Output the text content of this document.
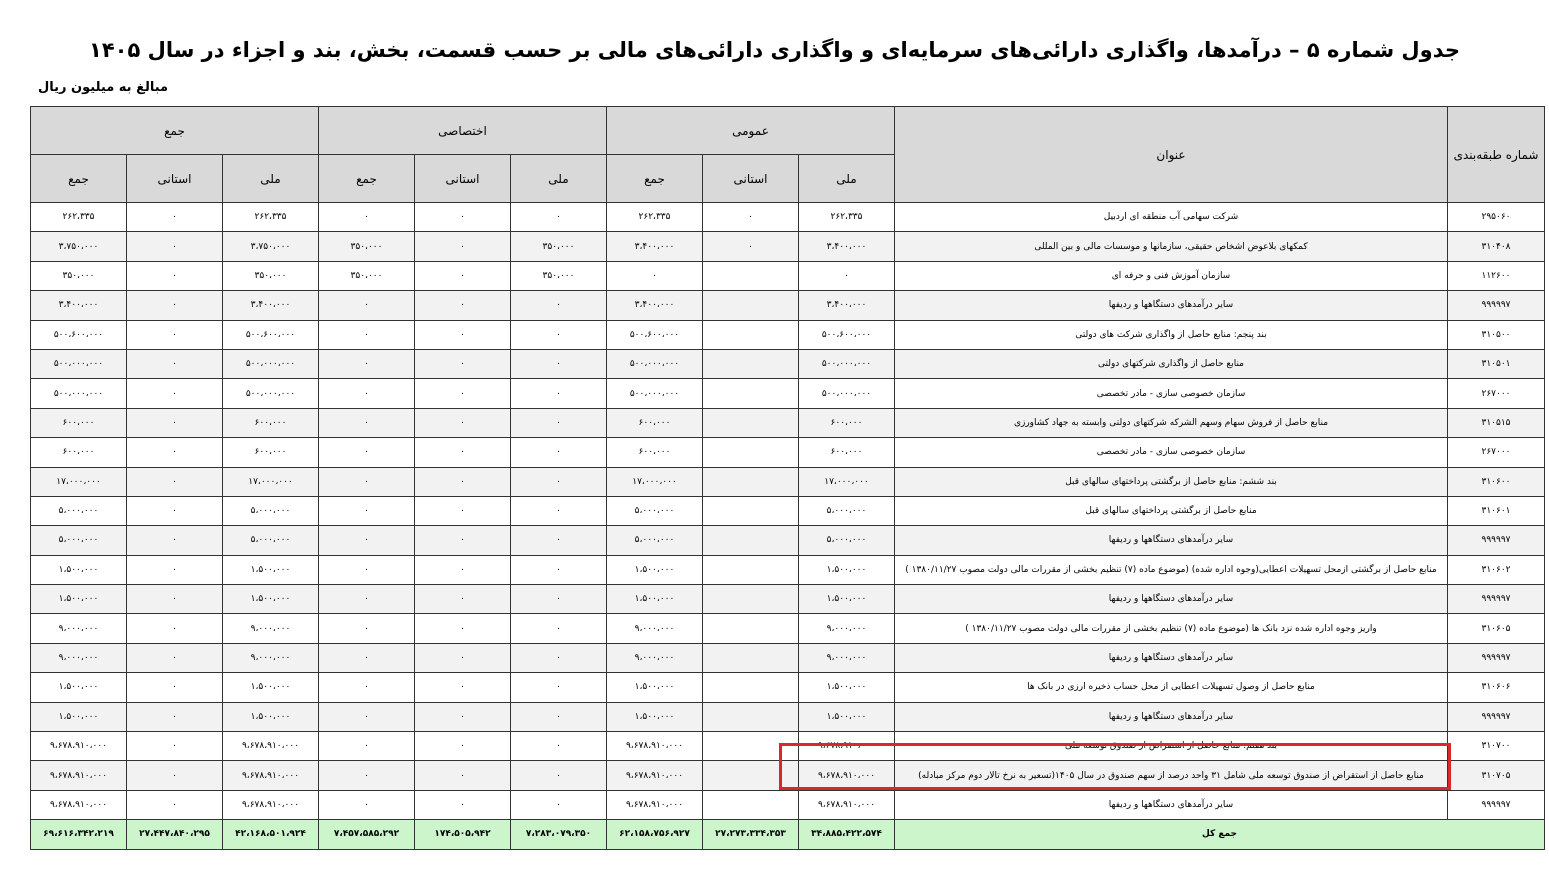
جدول شماره ۵ – درآمدها، واگذاری دارائی‌های سرمایه‌ای و واگذاری دارائی‌های مالی بر حسب قسمت، بخش، بند و اجزاء در سال ۱۴۰۵
مبالغ به میلیون ریال
شماره طبقه‌بندی	عنوان	عمومی			اختصاصی			جمع		
		ملی	استانی	جمع	ملی	استانی	جمع	ملی	استانی	جمع
۲۹۵۰۶۰	شرکت سهامی آب منطقه ای اردبیل	۲۶۲،۳۳۵	۰	۲۶۲،۳۳۵	۰	۰	۰	۲۶۲،۳۳۵	۰	۲۶۲،۳۳۵
۳۱۰۴۰۸	کمکهای بلاعوض اشخاص حقیقی، سازمانها و موسسات مالی و بین المللی	۳،۴۰۰،۰۰۰	۰	۳،۴۰۰،۰۰۰	۳۵۰،۰۰۰	۰	۳۵۰،۰۰۰	۳،۷۵۰،۰۰۰	۰	۳،۷۵۰،۰۰۰
۱۱۲۶۰۰	سازمان آموزش فنی و حرفه ای	۰		۰	۳۵۰،۰۰۰	۰	۳۵۰،۰۰۰	۳۵۰،۰۰۰	۰	۳۵۰،۰۰۰
۹۹۹۹۹۷	سایر درآمدهای دستگاهها و ردیفها	۳،۴۰۰،۰۰۰		۳،۴۰۰،۰۰۰	۰	۰	۰	۳،۴۰۰،۰۰۰	۰	۳،۴۰۰،۰۰۰
۳۱۰۵۰۰	بند پنجم: منابع حاصل از واگذاری شرکت های دولتی	۵۰۰،۶۰۰،۰۰۰		۵۰۰،۶۰۰،۰۰۰	۰	۰	۰	۵۰۰،۶۰۰،۰۰۰	۰	۵۰۰،۶۰۰،۰۰۰
۳۱۰۵۰۱	منابع حاصل از واگذاری شرکتهای دولتی	۵۰۰،۰۰۰،۰۰۰		۵۰۰،۰۰۰،۰۰۰	۰	۰	۰	۵۰۰،۰۰۰،۰۰۰	۰	۵۰۰،۰۰۰،۰۰۰
۲۶۷۰۰۰	سازمان خصوصی سازی - مادر تخصصی	۵۰۰،۰۰۰،۰۰۰		۵۰۰،۰۰۰،۰۰۰	۰	۰	۰	۵۰۰،۰۰۰،۰۰۰	۰	۵۰۰،۰۰۰،۰۰۰
۳۱۰۵۱۵	منابع حاصل از فروش سهام وسهم الشرکه شرکتهای دولتی وابسته به جهاد کشاورزی	۶۰۰،۰۰۰		۶۰۰،۰۰۰	۰	۰	۰	۶۰۰،۰۰۰	۰	۶۰۰،۰۰۰
۲۶۷۰۰۰	سازمان خصوصی سازی - مادر تخصصی	۶۰۰،۰۰۰		۶۰۰،۰۰۰	۰	۰	۰	۶۰۰،۰۰۰	۰	۶۰۰،۰۰۰
۳۱۰۶۰۰	بند ششم: منابع حاصل از برگشتی پرداختهای سالهای قبل	۱۷،۰۰۰،۰۰۰		۱۷،۰۰۰،۰۰۰	۰	۰	۰	۱۷،۰۰۰،۰۰۰	۰	۱۷،۰۰۰،۰۰۰
۳۱۰۶۰۱	منابع حاصل از برگشتی پرداختهای سالهای قبل	۵،۰۰۰،۰۰۰		۵،۰۰۰،۰۰۰	۰	۰	۰	۵،۰۰۰،۰۰۰	۰	۵،۰۰۰،۰۰۰
۹۹۹۹۹۷	سایر درآمدهای دستگاهها و ردیفها	۵،۰۰۰،۰۰۰		۵،۰۰۰،۰۰۰	۰	۰	۰	۵،۰۰۰،۰۰۰	۰	۵،۰۰۰،۰۰۰
۳۱۰۶۰۲	منابع حاصل از برگشتی ازمحل تسهیلات اعطایی(وجوه اداره شده) (موضوع ماده (۷) تنظیم بخشی از مقررات مالی دولت مصوب ۱۳۸۰/۱۱/۲۷ )	۱،۵۰۰،۰۰۰		۱،۵۰۰،۰۰۰	۰	۰	۰	۱،۵۰۰،۰۰۰	۰	۱،۵۰۰،۰۰۰
۹۹۹۹۹۷	سایر درآمدهای دستگاهها و ردیفها	۱،۵۰۰،۰۰۰		۱،۵۰۰،۰۰۰	۰	۰	۰	۱،۵۰۰،۰۰۰	۰	۱،۵۰۰،۰۰۰
۳۱۰۶۰۵	واریز وجوه اداره شده نزد بانک ها (موضوع ماده (۷) تنظیم بخشی از مقررات مالی دولت مصوب ۱۳۸۰/۱۱/۲۷ )	۹،۰۰۰،۰۰۰		۹،۰۰۰،۰۰۰	۰	۰	۰	۹،۰۰۰،۰۰۰	۰	۹،۰۰۰،۰۰۰
۹۹۹۹۹۷	سایر درآمدهای دستگاهها و ردیفها	۹،۰۰۰،۰۰۰		۹،۰۰۰،۰۰۰	۰	۰	۰	۹،۰۰۰،۰۰۰	۰	۹،۰۰۰،۰۰۰
۳۱۰۶۰۶	منابع حاصل از وصول تسهیلات اعطایی از محل حساب ذخیره ارزی در بانک ها	۱،۵۰۰،۰۰۰		۱،۵۰۰،۰۰۰	۰	۰	۰	۱،۵۰۰،۰۰۰	۰	۱،۵۰۰،۰۰۰
۹۹۹۹۹۷	سایر درآمدهای دستگاهها و ردیفها	۱،۵۰۰،۰۰۰		۱،۵۰۰،۰۰۰	۰	۰	۰	۱،۵۰۰،۰۰۰	۰	۱،۵۰۰،۰۰۰
۳۱۰۷۰۰	بند هفتم: منابع حاصل از استقراض از صندوق توسعه ملی	۹،۶۷۸،۹۱۰،۰۰۰		۹،۶۷۸،۹۱۰،۰۰۰	۰	۰	۰	۹،۶۷۸،۹۱۰،۰۰۰	۰	۹،۶۷۸،۹۱۰،۰۰۰
۳۱۰۷۰۵	منابع حاصل از استقراض از صندوق توسعه ملی شامل ۳۱ واحد درصد از سهم صندوق در سال ۱۴۰۵(تسعیر به نرخ تالار دوم مرکز مبادله)	۹،۶۷۸،۹۱۰،۰۰۰		۹،۶۷۸،۹۱۰،۰۰۰	۰	۰	۰	۹،۶۷۸،۹۱۰،۰۰۰	۰	۹،۶۷۸،۹۱۰،۰۰۰
۹۹۹۹۹۷	سایر درآمدهای دستگاهها و ردیفها	۹،۶۷۸،۹۱۰،۰۰۰		۹،۶۷۸،۹۱۰،۰۰۰	۰	۰	۰	۹،۶۷۸،۹۱۰،۰۰۰	۰	۹،۶۷۸،۹۱۰،۰۰۰
جمع کل		۳۴،۸۸۵،۴۲۲،۵۷۴	۲۷،۲۷۳،۳۳۴،۳۵۳	۶۲،۱۵۸،۷۵۶،۹۲۷	۷،۲۸۳،۰۷۹،۳۵۰	۱۷۴،۵۰۵،۹۴۲	۷،۴۵۷،۵۸۵،۲۹۲	۴۲،۱۶۸،۵۰۱،۹۲۴	۲۷،۴۴۷،۸۴۰،۲۹۵	۶۹،۶۱۶،۳۴۲،۲۱۹
